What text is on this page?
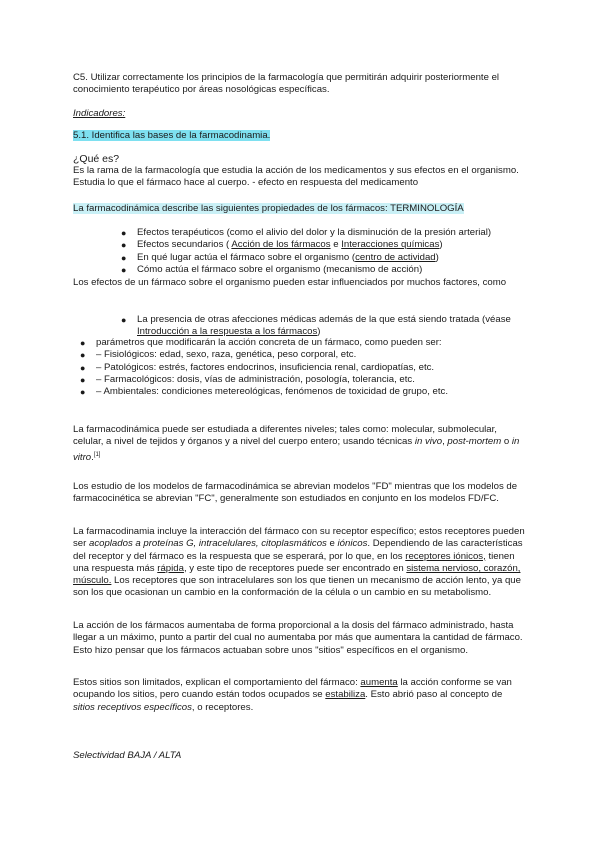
C5. Utilizar correctamente los principios de la farmacología que permitirán adquirir posteriormente el conocimiento terapéutico por áreas nosológicas específicas.

Indicadores:

5.1. Identifica las bases de la farmacodinamia.

¿Qué es?

Es la rama de la farmacología que estudia la acción de los medicamentos y sus efectos en el organismo. Estudia lo que el fármaco hace al cuerpo. - efecto en respuesta del medicamento

La farmacodinámica describe las siguientes propiedades de los fármacos: TERMINOLOGÍA

● Efectos terapéuticos (como el alivio del dolor y la disminución de la presión arterial)
● Efectos secundarios ( Acción de los fármacos e Interacciones químicas)
● En qué lugar actúa el fármaco sobre el organismo (centro de actividad)
● Cómo actúa el fármaco sobre el organismo (mecanismo de acción)

Los efectos de un fármaco sobre el organismo pueden estar influenciados por muchos factores, como

● La presencia de otras afecciones médicas además de la que está siendo tratada (véase Introducción a la respuesta a los fármacos)
● parámetros que modificarán la acción concreta de un fármaco, como pueden ser:
● – Fisiológicos: edad, sexo, raza, genética, peso corporal, etc.
● – Patológicos: estrés, factores endocrinos, insuficiencia renal, cardiopatías, etc.
● – Farmacológicos: dosis, vías de administración, posología, tolerancia, etc.
● – Ambientales: condiciones metereológicas, fenómenos de toxicidad de grupo, etc.

La farmacodinámica puede ser estudiada a diferentes niveles; tales como: molecular, submolecular, celular, a nivel de tejidos y órganos y a nivel del cuerpo entero; usando técnicas in vivo, post-mortem o in vitro.[1]

Los estudio de los modelos de farmacodinámica se abrevian modelos "FD" mientras que los modelos de farmacocinética se abrevian "FC", generalmente son estudiados en conjunto en los modelos FD/FC.

La farmacodinamia incluye la interacción del fármaco con su receptor específico; estos receptores pueden ser acoplados a proteínas G, intracelulares, citoplasmáticos e iónicos. Dependiendo de las características del receptor y del fármaco es la respuesta que se esperará, por lo que, en los receptores iónicos, tienen una respuesta más rápida, y este tipo de receptores puede ser encontrado en sistema nervioso, corazón, músculo. Los receptores que son intracelulares son los que tienen un mecanismo de acción lento, ya que son los que ocasionan un cambio en la conformación de la célula o un cambio en su metabolismo.

La acción de los fármacos aumentaba de forma proporcional a la dosis del fármaco administrado, hasta llegar a un máximo, punto a partir del cual no aumentaba por más que aumentara la cantidad de fármaco. Esto hizo pensar que los fármacos actuaban sobre unos "sitios" específicos en el organismo.

Estos sitios son limitados, explican el comportamiento del fármaco: aumenta la acción conforme se van ocupando los sitios, pero cuando están todos ocupados se estabiliza. Esto abrió paso al concepto de sitios receptivos específicos, o receptores.

Selectividad BAJA / ALTA
